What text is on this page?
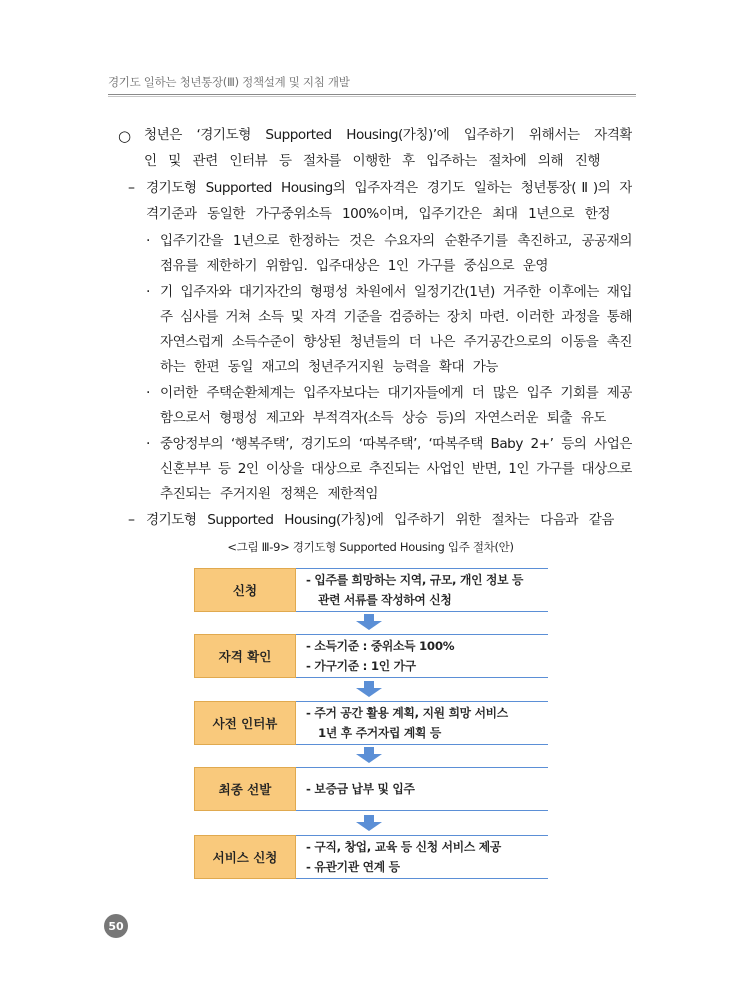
경기도 일하는 청년통장(Ⅲ) 정책설계 및 지침 개발
○ 청년은 ‘경기도형 Supported Housing(가칭)’에 입주하기 위해서는 자격확
인 및 관련 인터뷰 등 절차를 이행한 후 입주하는 절차에 의해 진행
– 경기도형 Supported Housing의 입주자격은 경기도 일하는 청년통장(Ⅱ)의 자
격기준과 동일한 가구중위소득 100%이며, 입주기간은 최대 1년으로 한정
· 입주기간을 1년으로 한정하는 것은 수요자의 순환주기를 촉진하고, 공공재의
점유를 제한하기 위함임. 입주대상은 1인 가구를 중심으로 운영
· 기 입주자와 대기자간의 형평성 차원에서 일정기간(1년) 거주한 이후에는 재입
주 심사를 거쳐 소득 및 자격 기준을 검증하는 장치 마련. 이러한 과정을 통해
자연스럽게 소득수준이 향상된 청년들의 더 나은 주거공간으로의 이동을 촉진
하는 한편 동일 재고의 청년주거지원 능력을 확대 가능
· 이러한 주택순환체계는 입주자보다는 대기자들에게 더 많은 입주 기회를 제공
함으로서 형평성 제고와 부적격자(소득 상승 등)의 자연스러운 퇴출 유도
· 중앙정부의 ‘행복주택’, 경기도의 ‘따복주택’, ‘따복주택 Baby 2+’ 등의 사업은
신혼부부 등 2인 이상을 대상으로 추진되는 사업인 반면, 1인 가구를 대상으로
추진되는 주거지원 정책은 제한적임
– 경기도형 Supported Housing(가칭)에 입주하기 위한 절차는 다음과 같음
<그림 Ⅲ-9> 경기도형 Supported Housing 입주 절차(안)
신청
- 입주를 희망하는 지역, 규모, 개인 정보 등
관련 서류를 작성하여 신청
자격 확인
- 소득기준 : 중위소득 100%
- 가구기준 : 1인 가구
사전 인터뷰
- 주거 공간 활용 계획, 지원 희망 서비스
1년 후 주거자립 계획 등
최종 선발	- 보증금 납부 및 입주
서비스 신청
- 구직, 창업, 교육 등 신청 서비스 제공
- 유관기관 연계 등
50
